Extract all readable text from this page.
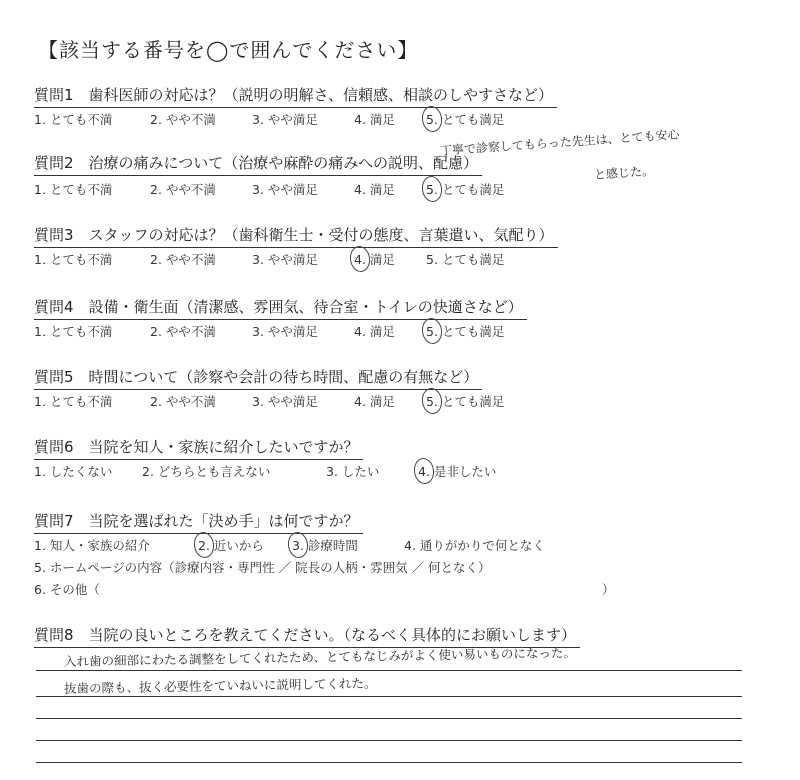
【該当する番号を◯で囲んでください】
質問1　歯科医師の対応は？（説明の明解さ、信頼感、相談のしやすさなど）
1. とても不満	2. やや不満	3. やや満足	4. 満足 5. とても満足
丁寧で診察してもらった先生は、とても安心
と感じた。
質問2　治療の痛みについて（治療や麻酔の痛みへの説明、配慮）
1. とても不満	2. やや不満	3. やや満足	4. 満足 5. とても満足
質問3　スタッフの対応は？（歯科衛生士・受付の態度、言葉遣い、気配り）
1. とても不満	2. やや不満	3. やや満足	4. 満足 5. とても満足
質問4　設備・衛生面（清潔感、雰囲気、待合室・トイレの快適さなど）
1. とても不満	2. やや不満	3. やや満足	4. 満足 5. とても満足
質問5　時間について（診察や会計の待ち時間、配慮の有無など）
1. とても不満	2. やや不満	3. やや満足	4. 満足 5. とても満足
質問6　当院を知人・家族に紹介したいですか？
1. したくない 2. どちらとも言えない	3. したい	4. 是非したい
質問7　当院を選ばれた「決め手」は何ですか？
1. 知人・家族の紹介	2. 近いから 3. 診療時間	4. 通りがかりで何となく
5. ホームページの内容（診療内容・専門性 ／ 院長の人柄・雰囲気 ／ 何となく）
6. その他（	）
質問8　当院の良いところを教えてください。（なるべく具体的にお願いします）
入れ歯の細部にわたる調整をしてくれたため、とてもなじみがよく使い易いものになった。
抜歯の際も、抜く必要性をていねいに説明してくれた。
